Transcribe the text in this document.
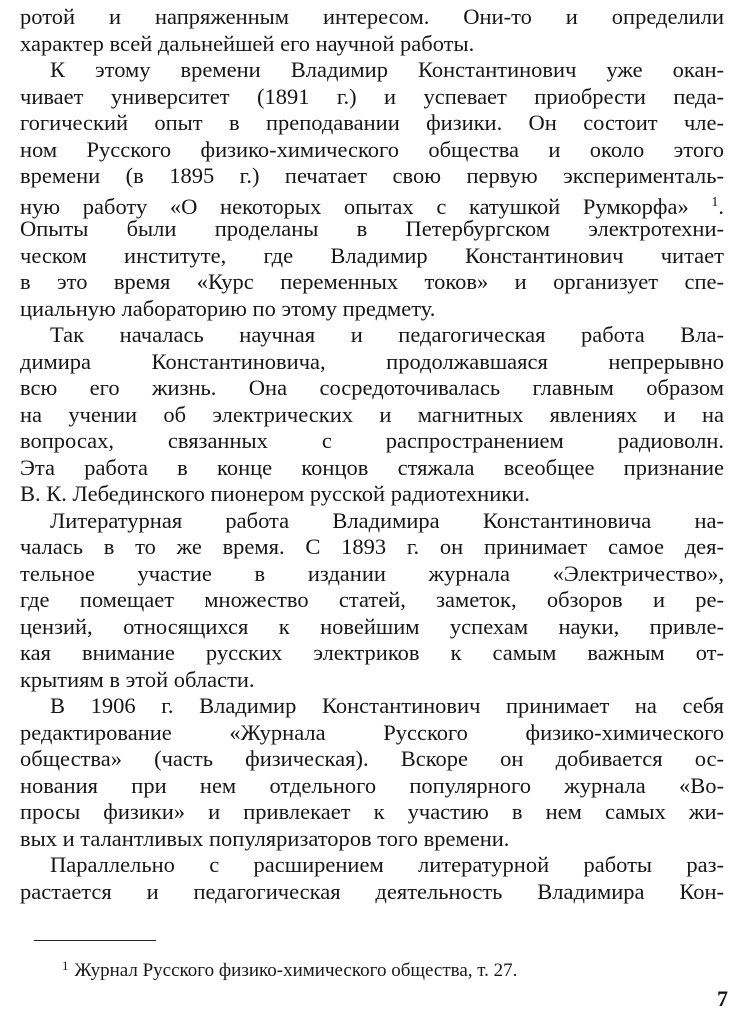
ротой и напряженным интересом. Они-то и определили
характер всей дальнейшей его научной работы.
К этому времени Владимир Константинович уже окан-
чивает университет (1891 г.) и успевает приобрести педа-
гогический опыт в преподавании физики. Он состоит чле-
ном Русского физико-химического общества и около этого
времени (в 1895 г.) печатает свою первую эксперименталь-
ную работу «О некоторых опытах с катушкой Румкорфа» $^1$.
Опыты были проделаны в Петербургском электротехни-
ческом институте, где Владимир Константинович читает
в это время «Курс переменных токов» и организует спе-
циальную лабораторию по этому предмету.
Так началась научная и педагогическая работа Вла-
димира Константиновича, продолжавшаяся непрерывно
всю его жизнь. Она сосредоточивалась главным образом
на учении об электрических и магнитных явлениях и на
вопросах, связанных с распространением радиоволн.
Эта работа в конце концов стяжала всеобщее признание
В. К. Лебединского пионером русской радиотехники.
Литературная работа Владимира Константиновича на-
чалась в то же время. С 1893 г. он принимает самое дея-
тельное участие в издании журнала «Электричество»,
где помещает множество статей, заметок, обзоров и ре-
цензий, относящихся к новейшим успехам науки, привле-
кая внимание русских электриков к самым важным от-
крытиям в этой области.
В 1906 г. Владимир Константинович принимает на себя
редактирование «Журнала Русского физико-химического
общества» (часть физическая). Вскоре он добивается ос-
нования при нем отдельного популярного журнала «Во-
просы физики» и привлекает к участию в нем самых жи-
вых и талантливых популяризаторов того времени.
Параллельно с расширением литературной работы раз-
растается и педагогическая деятельность Владимира Кон-
$^1$ Журнал Русского физико-химического общества, т. 27.
7
